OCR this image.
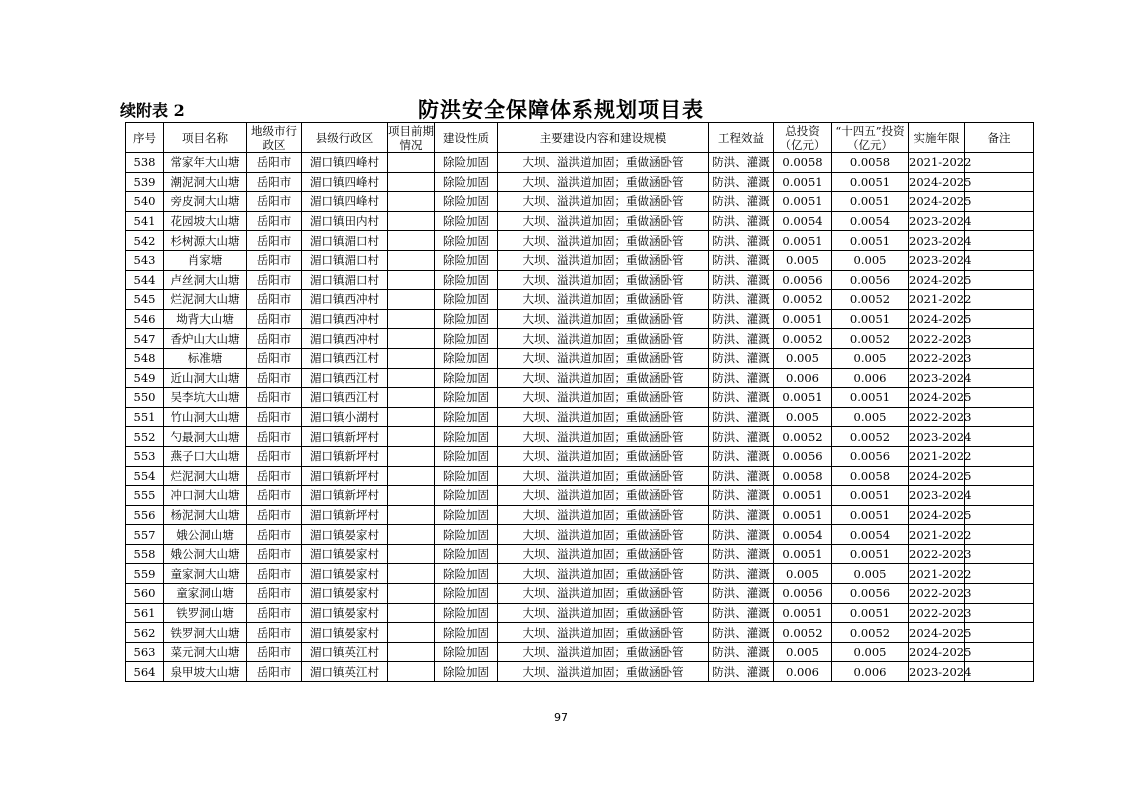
续附表 2	防洪安全保障体系规划项目表
序号	项目名称	地级市行政区	县级行政区	项目前期情况	建设性质	主要建设内容和建设规模	工程效益	总投资（亿元）	“十四五”投资（亿元）	实施年限	备注
538	常家年大山塘	岳阳市	湄口镇四峰村		除险加固	大坝、溢洪道加固；重做涵卧管	防洪、灌溉	0.0058	0.0058	2021-2022	
539	潮泥洞大山塘	岳阳市	湄口镇四峰村		除险加固	大坝、溢洪道加固；重做涵卧管	防洪、灌溉	0.0051	0.0051	2024-2025	
540	旁皮洞大山塘	岳阳市	湄口镇四峰村		除险加固	大坝、溢洪道加固；重做涵卧管	防洪、灌溉	0.0051	0.0051	2024-2025	
541	花园坡大山塘	岳阳市	湄口镇田内村		除险加固	大坝、溢洪道加固；重做涵卧管	防洪、灌溉	0.0054	0.0054	2023-2024	
542	杉树源大山塘	岳阳市	湄口镇湄口村		除险加固	大坝、溢洪道加固；重做涵卧管	防洪、灌溉	0.0051	0.0051	2023-2024	
543	肖家塘	岳阳市	湄口镇湄口村		除险加固	大坝、溢洪道加固；重做涵卧管	防洪、灌溉	0.005	0.005	2023-2024	
544	卢丝洞大山塘	岳阳市	湄口镇湄口村		除险加固	大坝、溢洪道加固；重做涵卧管	防洪、灌溉	0.0056	0.0056	2024-2025	
545	烂泥洞大山塘	岳阳市	湄口镇西冲村		除险加固	大坝、溢洪道加固；重做涵卧管	防洪、灌溉	0.0052	0.0052	2021-2022	
546	坳背大山塘	岳阳市	湄口镇西冲村		除险加固	大坝、溢洪道加固；重做涵卧管	防洪、灌溉	0.0051	0.0051	2024-2025	
547	香炉山大山塘	岳阳市	湄口镇西冲村		除险加固	大坝、溢洪道加固；重做涵卧管	防洪、灌溉	0.0052	0.0052	2022-2023	
548	标准塘	岳阳市	湄口镇西江村		除险加固	大坝、溢洪道加固；重做涵卧管	防洪、灌溉	0.005	0.005	2022-2023	
549	近山洞大山塘	岳阳市	湄口镇西江村		除险加固	大坝、溢洪道加固；重做涵卧管	防洪、灌溉	0.006	0.006	2023-2024	
550	吴李坑大山塘	岳阳市	湄口镇西江村		除险加固	大坝、溢洪道加固；重做涵卧管	防洪、灌溉	0.0051	0.0051	2024-2025	
551	竹山洞大山塘	岳阳市	湄口镇小湖村		除险加固	大坝、溢洪道加固；重做涵卧管	防洪、灌溉	0.005	0.005	2022-2023	
552	勺最洞大山塘	岳阳市	湄口镇新坪村		除险加固	大坝、溢洪道加固；重做涵卧管	防洪、灌溉	0.0052	0.0052	2023-2024	
553	燕子口大山塘	岳阳市	湄口镇新坪村		除险加固	大坝、溢洪道加固；重做涵卧管	防洪、灌溉	0.0056	0.0056	2021-2022	
554	烂泥洞大山塘	岳阳市	湄口镇新坪村		除险加固	大坝、溢洪道加固；重做涵卧管	防洪、灌溉	0.0058	0.0058	2024-2025	
555	冲口洞大山塘	岳阳市	湄口镇新坪村		除险加固	大坝、溢洪道加固；重做涵卧管	防洪、灌溉	0.0051	0.0051	2023-2024	
556	杨泥洞大山塘	岳阳市	湄口镇新坪村		除险加固	大坝、溢洪道加固；重做涵卧管	防洪、灌溉	0.0051	0.0051	2024-2025	
557	娥公洞山塘	岳阳市	湄口镇晏家村		除险加固	大坝、溢洪道加固；重做涵卧管	防洪、灌溉	0.0054	0.0054	2021-2022	
558	娥公洞大山塘	岳阳市	湄口镇晏家村		除险加固	大坝、溢洪道加固；重做涵卧管	防洪、灌溉	0.0051	0.0051	2022-2023	
559	童家洞大山塘	岳阳市	湄口镇晏家村		除险加固	大坝、溢洪道加固；重做涵卧管	防洪、灌溉	0.005	0.005	2021-2022	
560	童家洞山塘	岳阳市	湄口镇晏家村		除险加固	大坝、溢洪道加固；重做涵卧管	防洪、灌溉	0.0056	0.0056	2022-2023	
561	铁罗洞山塘	岳阳市	湄口镇晏家村		除险加固	大坝、溢洪道加固；重做涵卧管	防洪、灌溉	0.0051	0.0051	2022-2023	
562	铁罗洞大山塘	岳阳市	湄口镇晏家村		除险加固	大坝、溢洪道加固；重做涵卧管	防洪、灌溉	0.0052	0.0052	2024-2025	
563	菜元洞大山塘	岳阳市	湄口镇英江村		除险加固	大坝、溢洪道加固；重做涵卧管	防洪、灌溉	0.005	0.005	2024-2025	
564	泉甲坡大山塘	岳阳市	湄口镇英江村		除险加固	大坝、溢洪道加固；重做涵卧管	防洪、灌溉	0.006	0.006	2023-2024	
97
